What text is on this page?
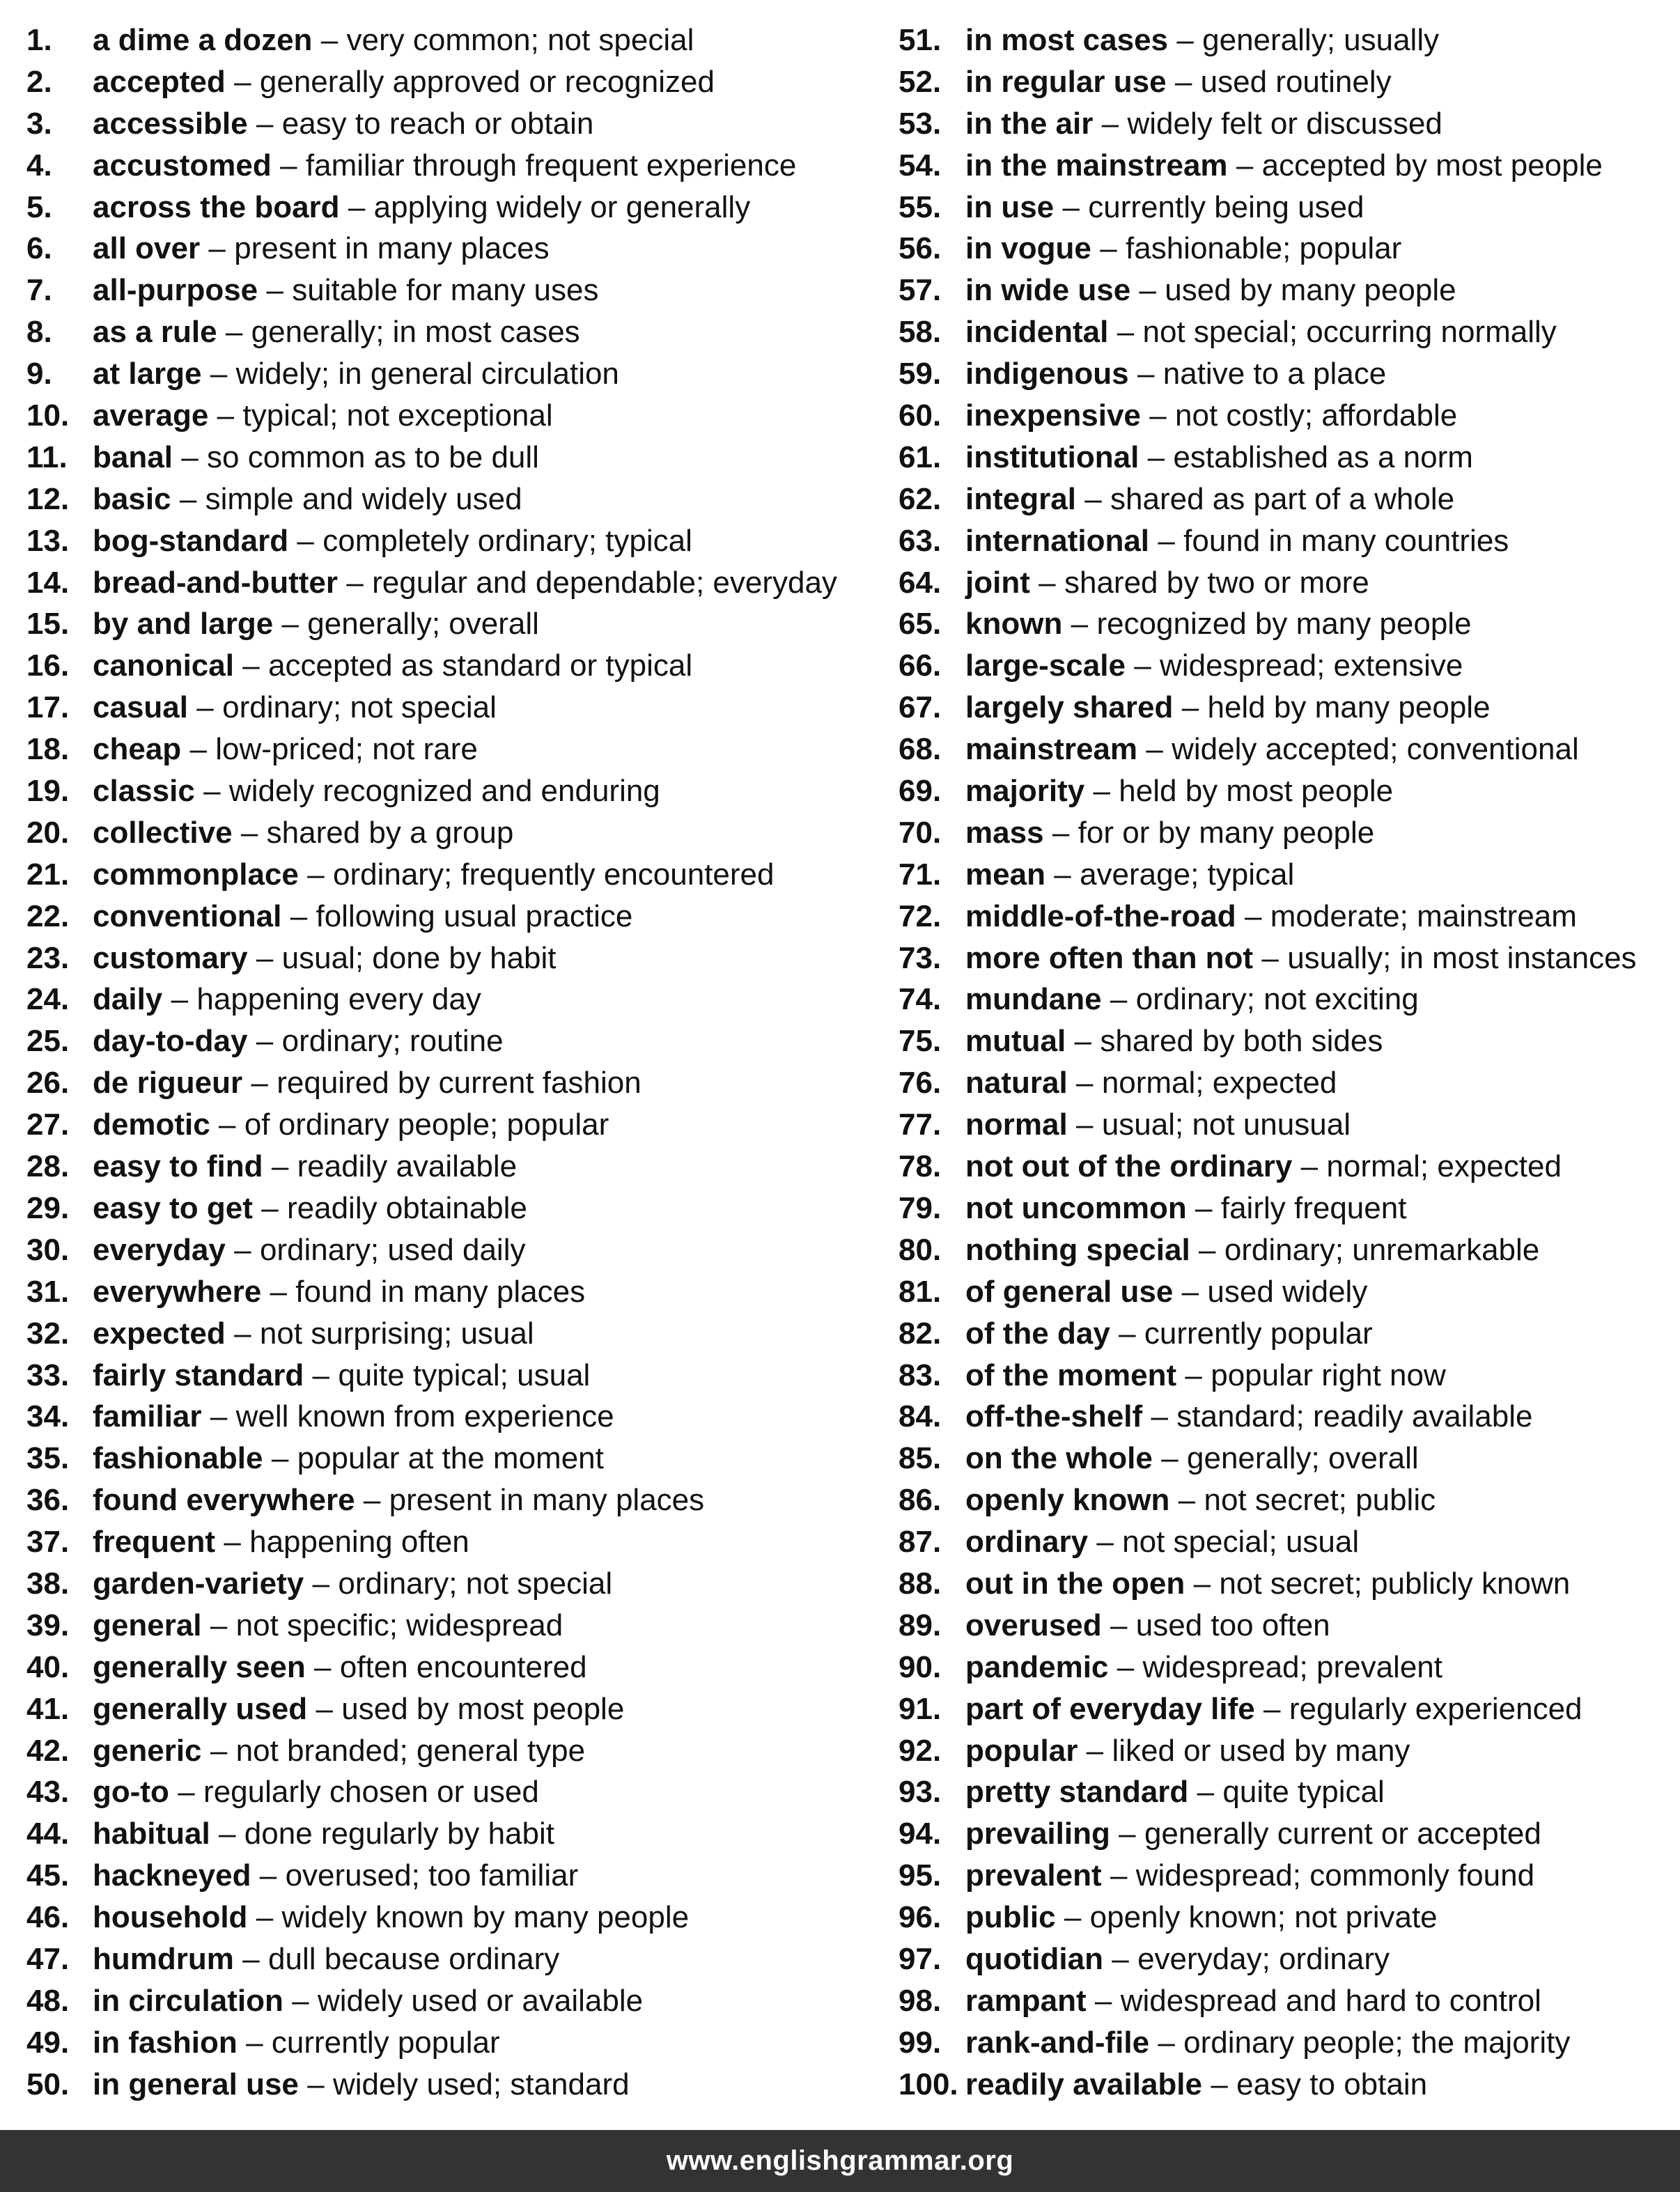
1.	a dime a dozen – very common; not special
2.	accepted – generally approved or recognized
3.	accessible – easy to reach or obtain
4.	accustomed – familiar through frequent experience
5.	across the board – applying widely or generally
6.	all over – present in many places
7.	all-purpose – suitable for many uses
8.	as a rule – generally; in most cases
9.	at large – widely; in general circulation
10. average – typical; not exceptional
11. banal – so common as to be dull
12. basic – simple and widely used
13. bog-standard – completely ordinary; typical
14. bread-and-butter – regular and dependable; everyday
15. by and large – generally; overall
16. canonical – accepted as standard or typical
17. casual – ordinary; not special
18. cheap – low-priced; not rare
19. classic – widely recognized and enduring
20. collective – shared by a group
21. commonplace – ordinary; frequently encountered
22. conventional – following usual practice
23. customary – usual; done by habit
24. daily – happening every day
25. day-to-day – ordinary; routine
26. de rigueur – required by current fashion
27. demotic – of ordinary people; popular
28. easy to find – readily available
29. easy to get – readily obtainable
30. everyday – ordinary; used daily
31. everywhere – found in many places
32. expected – not surprising; usual
33. fairly standard – quite typical; usual
34. familiar – well known from experience
35. fashionable – popular at the moment
36. found everywhere – present in many places
37. frequent – happening often
38. garden-variety – ordinary; not special
39. general – not specific; widespread
40. generally seen – often encountered
41. generally used – used by most people
42. generic – not branded; general type
43. go-to – regularly chosen or used
44. habitual – done regularly by habit
45. hackneyed – overused; too familiar
46. household – widely known by many people
47. humdrum – dull because ordinary
48. in circulation – widely used or available
49. in fashion – currently popular
50. in general use – widely used; standard
51. in most cases – generally; usually
52. in regular use – used routinely
53. in the air – widely felt or discussed
54. in the mainstream – accepted by most people
55. in use – currently being used
56. in vogue – fashionable; popular
57. in wide use – used by many people
58. incidental – not special; occurring normally
59. indigenous – native to a place
60. inexpensive – not costly; affordable
61. institutional – established as a norm
62. integral – shared as part of a whole
63. international – found in many countries
64. joint – shared by two or more
65. known – recognized by many people
66. large-scale – widespread; extensive
67. largely shared – held by many people
68. mainstream – widely accepted; conventional
69. majority – held by most people
70. mass – for or by many people
71. mean – average; typical
72. middle-of-the-road – moderate; mainstream
73. more often than not – usually; in most instances
74. mundane – ordinary; not exciting
75. mutual – shared by both sides
76. natural – normal; expected
77. normal – usual; not unusual
78. not out of the ordinary – normal; expected
79. not uncommon – fairly frequent
80. nothing special – ordinary; unremarkable
81. of general use – used widely
82. of the day – currently popular
83. of the moment – popular right now
84. off-the-shelf – standard; readily available
85. on the whole – generally; overall
86. openly known – not secret; public
87. ordinary – not special; usual
88. out in the open – not secret; publicly known
89. overused – used too often
90. pandemic – widespread; prevalent
91. part of everyday life – regularly experienced
92. popular – liked or used by many
93. pretty standard – quite typical
94. prevailing – generally current or accepted
95. prevalent – widespread; commonly found
96. public – openly known; not private
97. quotidian – everyday; ordinary
98. rampant – widespread and hard to control
99. rank-and-file – ordinary people; the majority
100. readily available – easy to obtain
www.englishgrammar.org
